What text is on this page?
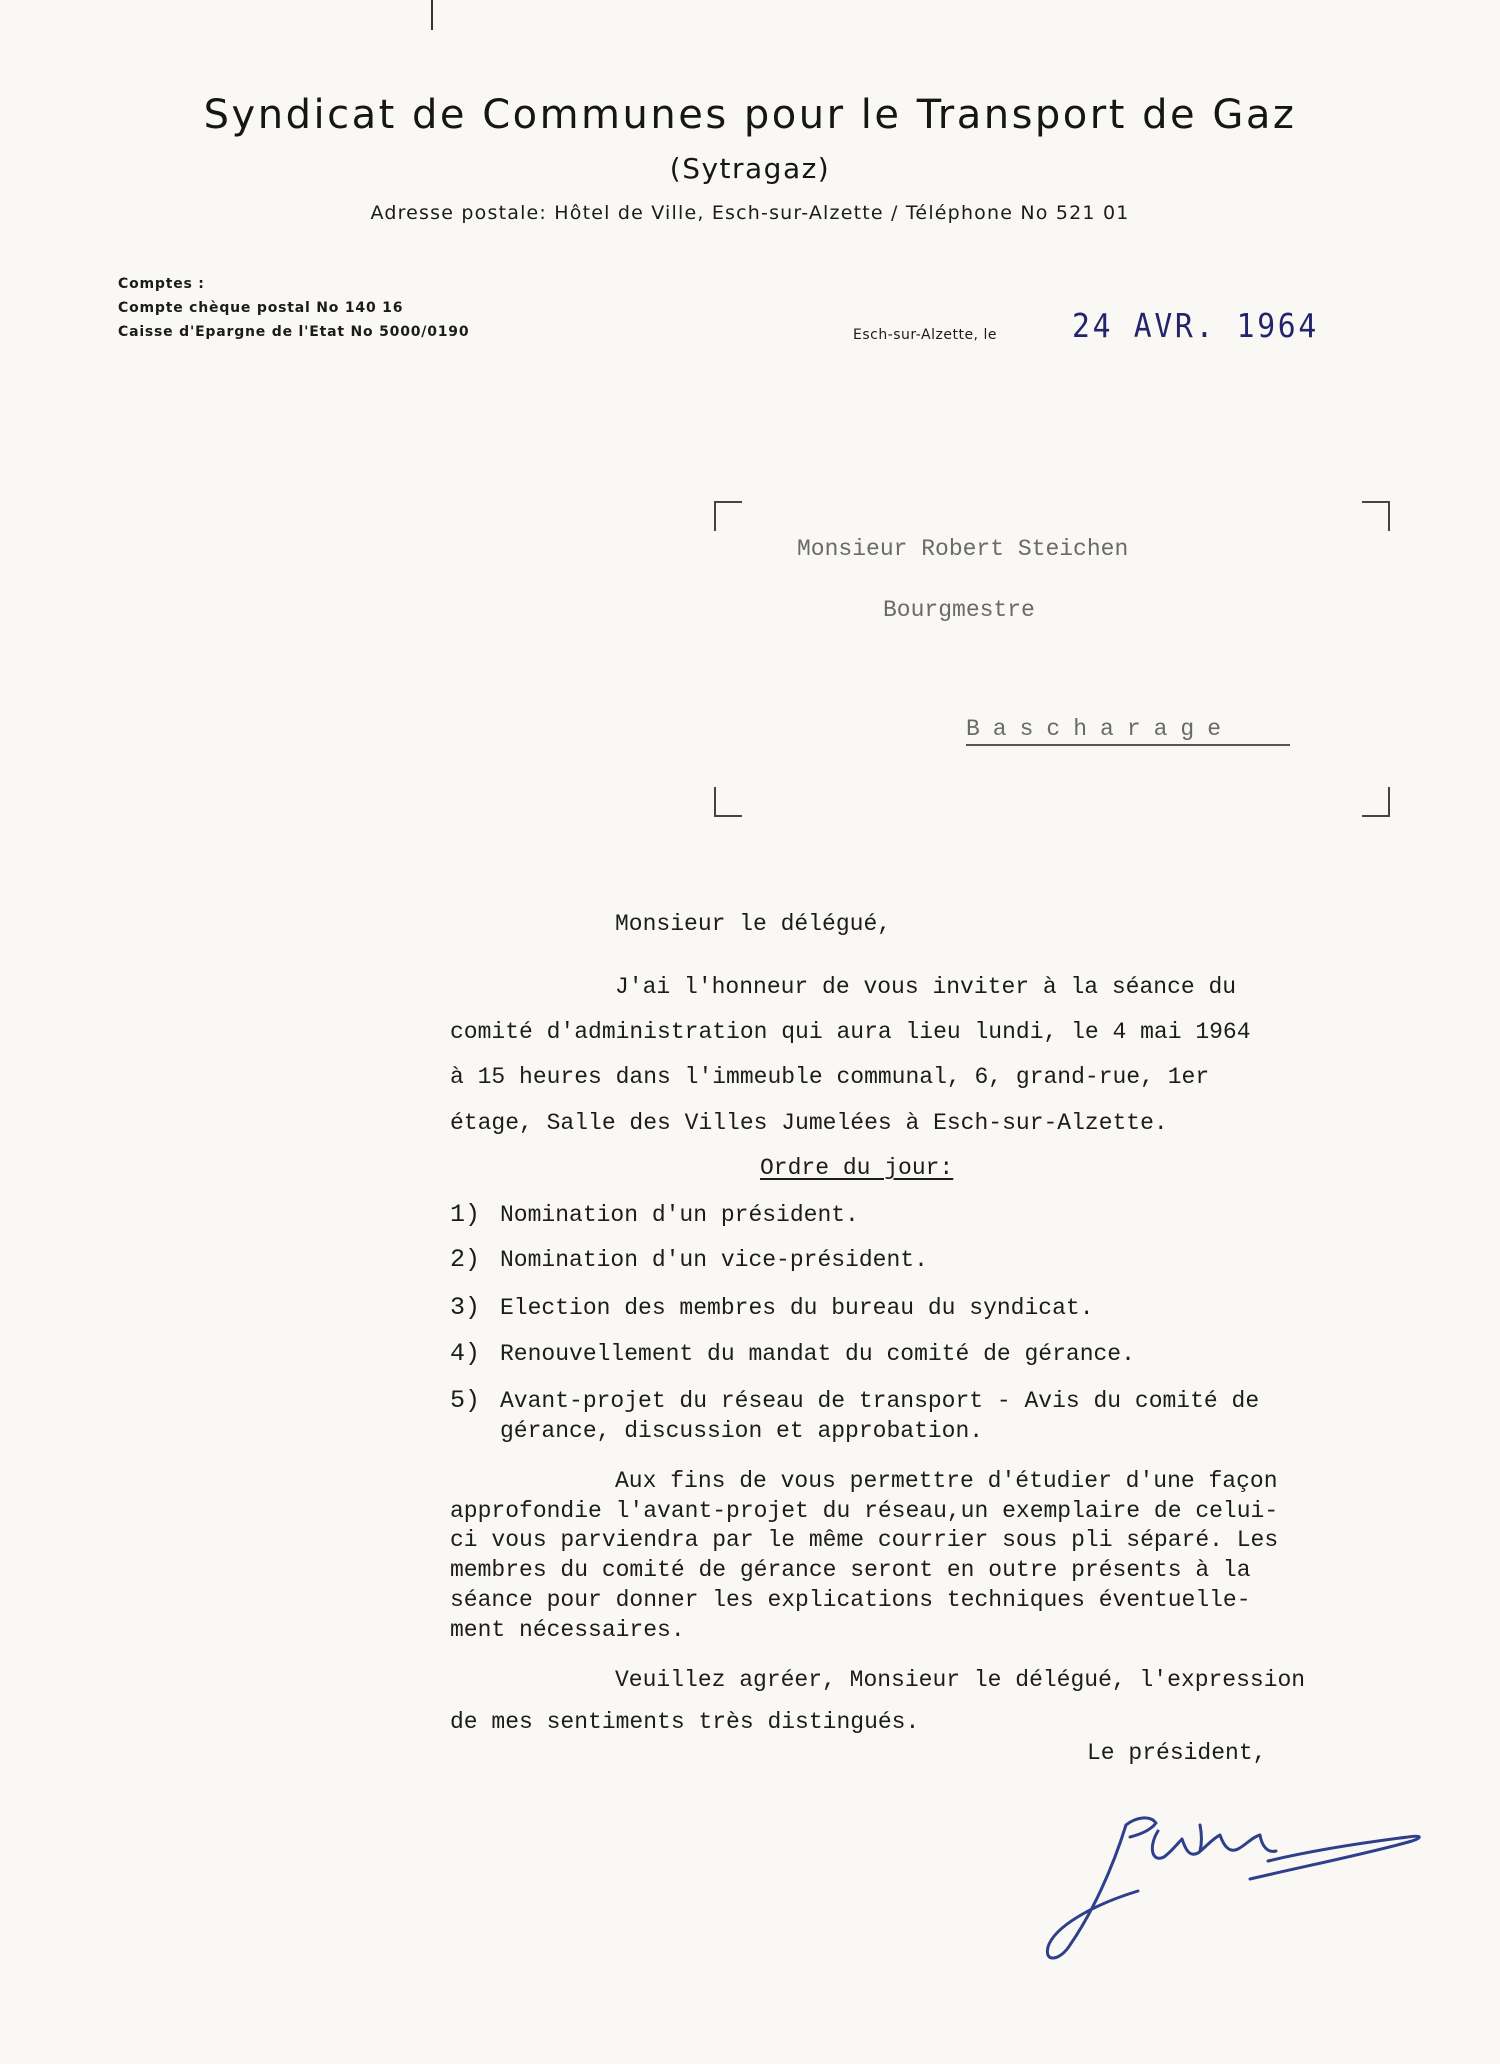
Syndicat de Communes pour le Transport de Gaz
(Sytragaz)
Adresse postale: Hôtel de Ville, Esch-sur-Alzette / Téléphone No 521 01
Comptes :
Compte chèque postal No 140 16
Caisse d'Epargne de l'Etat No 5000/0190	Esch-sur-Alzette, le 24 AVR. 1964
Monsieur Robert Steichen
Bourgmestre
Bascharage
Monsieur le délégué,
J'ai l'honneur de vous inviter à la séance du
comité d'administration qui aura lieu lundi, le 4 mai 1964
à 15 heures dans l'immeuble communal, 6, grand-rue, 1er
étage, Salle des Villes Jumelées à Esch-sur-Alzette.
Ordre du jour:
1) Nomination d'un président.
2) Nomination d'un vice-président.
3) Election des membres du bureau du syndicat.
4) Renouvellement du mandat du comité de gérance.
5) Avant-projet du réseau de transport - Avis du comité de
gérance, discussion et approbation.
Aux fins de vous permettre d'étudier d'une façon
approfondie l'avant-projet du réseau,un exemplaire de celui-
ci vous parviendra par le même courrier sous pli séparé. Les
membres du comité de gérance seront en outre présents à la
séance pour donner les explications techniques éventuelle-
ment nécessaires.
Veuillez agréer, Monsieur le délégué, l'expression
de mes sentiments très distingués.
Le président,
